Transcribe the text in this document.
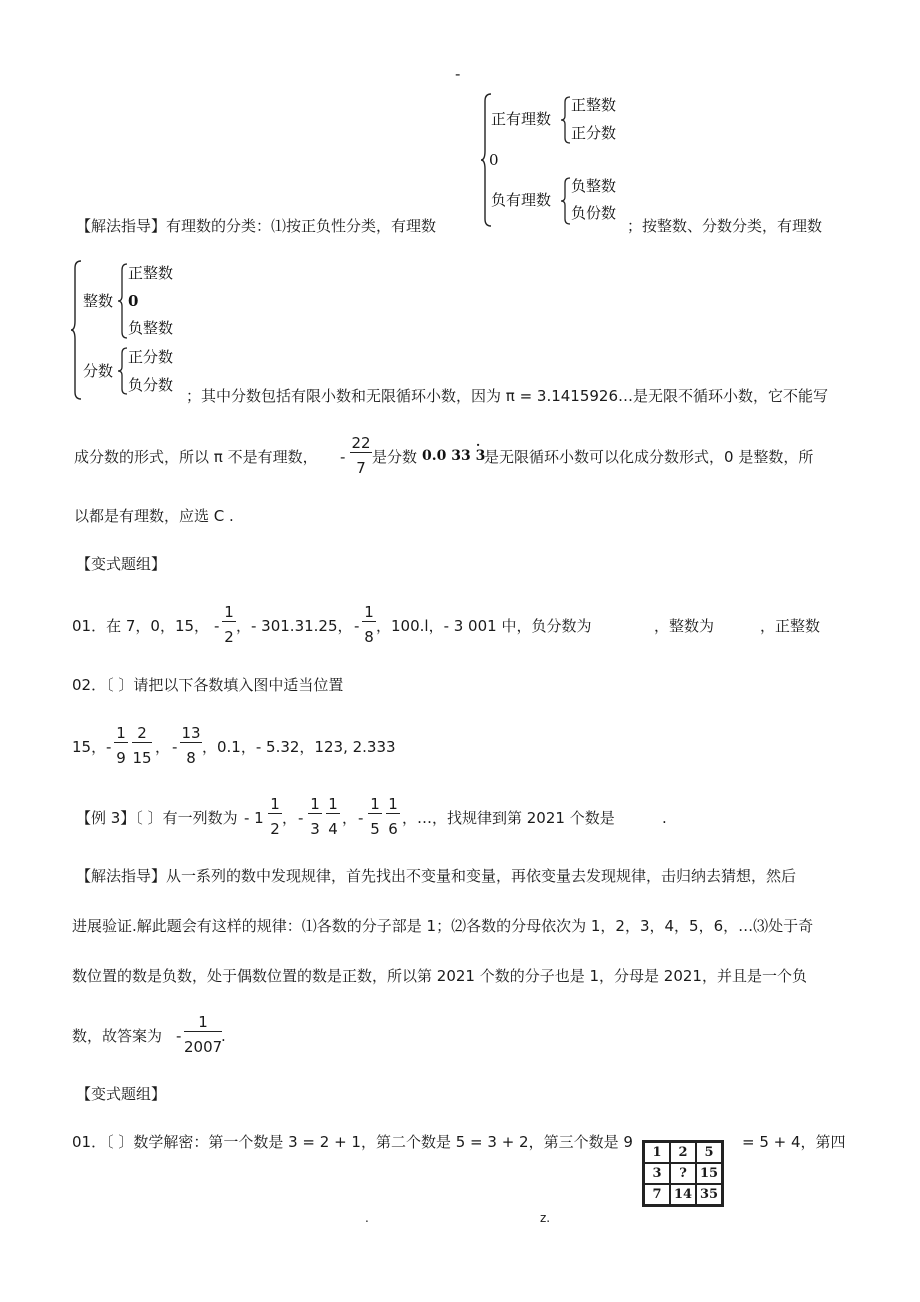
-
正有理数
正整数
正分数
0
负有理数
负整数
负份数
【解法指导】有理数的分类：⑴按正负性分类，有理数	；按整数、分数分类，有理数
整数
正整数
0
负整数
分数
正分数
负分数
；其中分数包括有限小数和无限循环小数，因为 π = 3.1415926…是无限不循环小数，它不能写
成分数的形式，所以 π 不是有理数， - $\frac{22}{7}$ 是分数 0.0 33 3
·
是无限循环小数可以化成分数形式，0 是整数，所
以都是有理数，应选 C .
【变式题组】
01．在 7，0，15， - $\frac{1}{2}$ ，- 301.31.25， - $\frac{1}{8}$ ，100.l，- 3 001 中，负分数为	，整数为	，正整数
02．〔 〕请把以下各数填入图中适当位置
15， - $\frac{1}{9} \frac{2}{15}$ ， - $\frac{13}{8}$ ，0.1，- 5.32，123, 2.333
【例 3】〔 〕有一列数为 - $1 \frac{1}{2}$ ， - $\frac{1}{3} \frac{1}{4}$ ， - $\frac{1}{5} \frac{1}{6}$ ，…，找规律到第 2021 个数是	.
【解法指导】从一系列的数中发现规律，首先找出不变量和变量，再依变量去发现规律，击归纳去猜想，然后
进展验证.解此题会有这样的规律：⑴各数的分子部是 1；⑵各数的分母依次为 1，2，3，4，5，6，…⑶处于奇
数位置的数是负数，处于偶数位置的数是正数，所以第 2021 个数的分子也是 1，分母是 2021，并且是一个负
数，故答案为 - $\frac{1}{2007}$ .
【变式题组】
01．〔 〕数学解密：第一个数是 3 = 2 + 1，第二个数是 5 = 3 + 2，第三个数是 9
1	2	5
3	?	15
7	14	35
= 5 + 4，第四
.	z.
